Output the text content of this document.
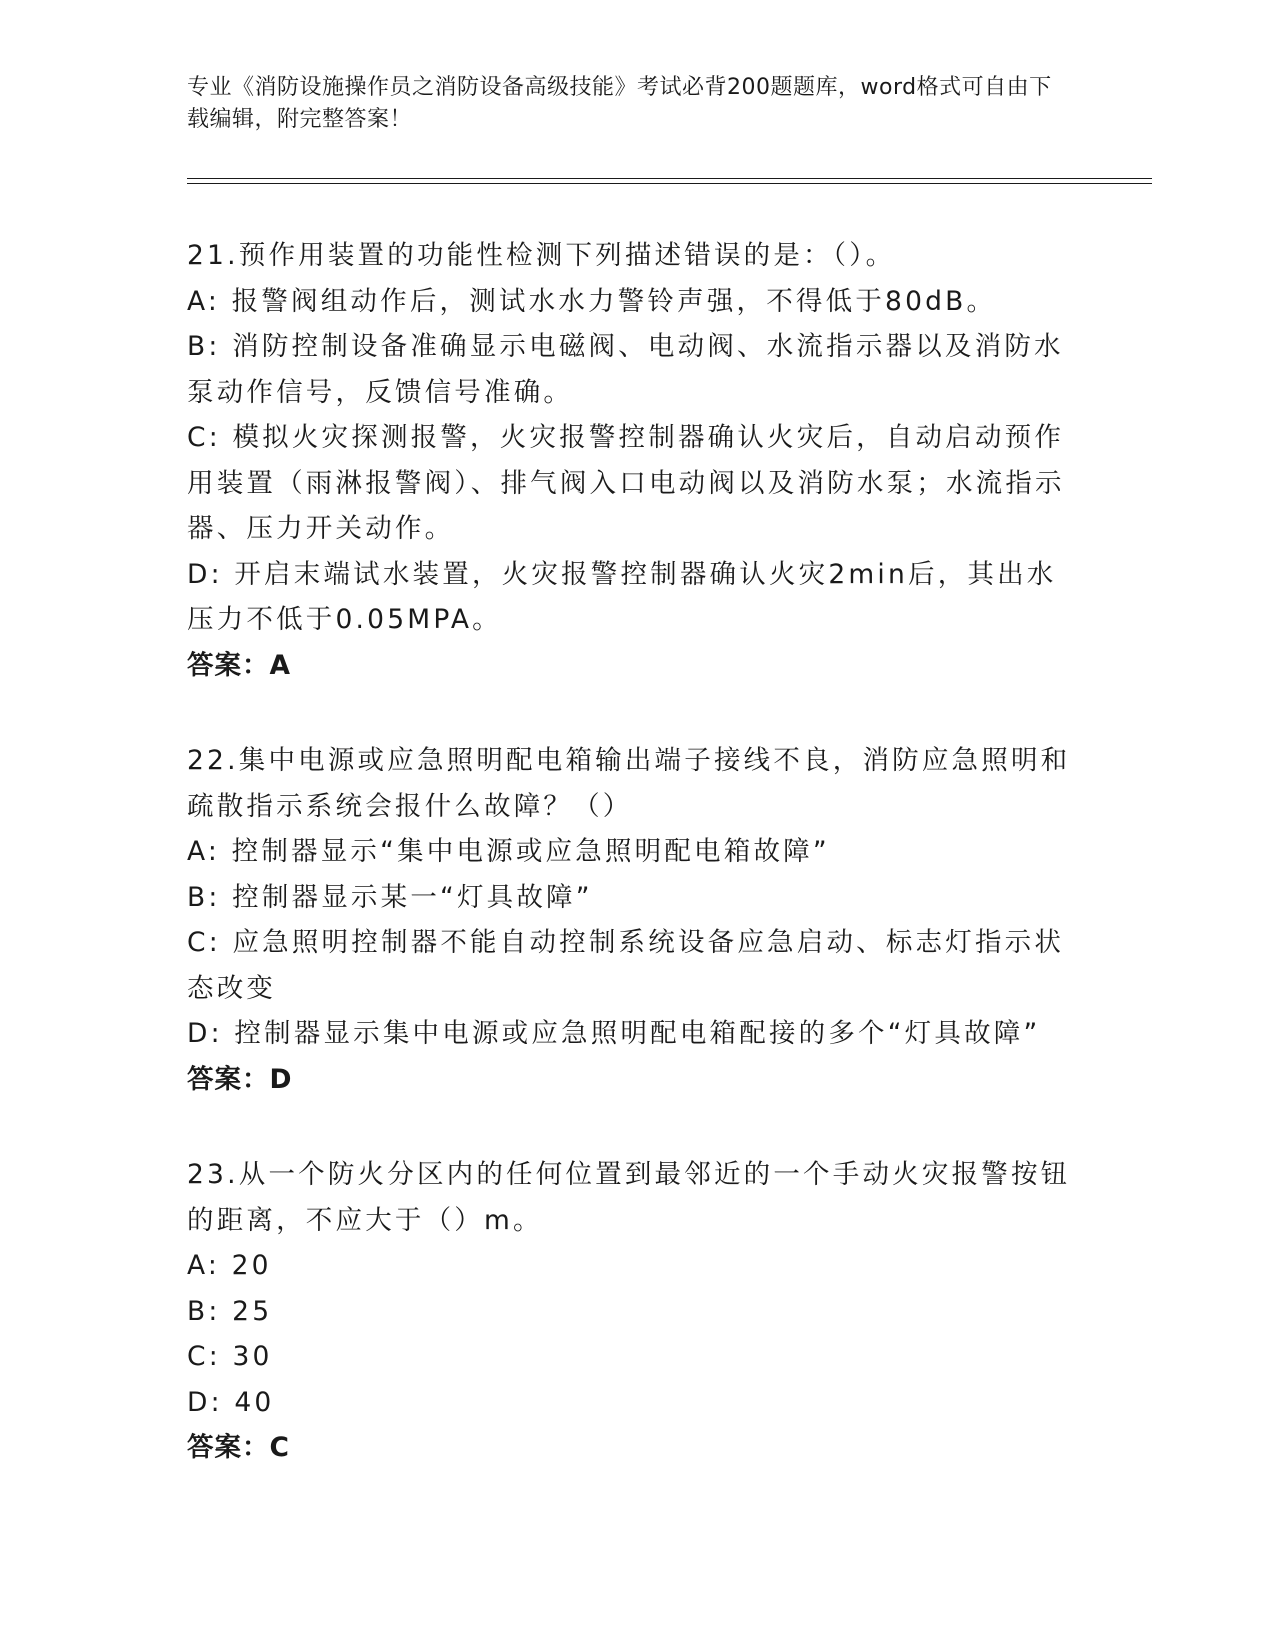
专业《消防设施操作员之消防设备高级技能》考试必背200题题库，word格式可自由下载编辑，附完整答案！
21.预作用装置的功能性检测下列描述错误的是：（）。
A: 报警阀组动作后，测试水水力警铃声强，不得低于80dB。
B: 消防控制设备准确显示电磁阀、电动阀、水流指示器以及消防水泵动作信号，反馈信号准确。
C: 模拟火灾探测报警，火灾报警控制器确认火灾后，自动启动预作用装置（雨淋报警阀）、排气阀入口电动阀以及消防水泵；水流指示器、压力开关动作。
D: 开启末端试水装置，火灾报警控制器确认火灾2min后，其出水压力不低于0.05MPA。
答案：A
22.集中电源或应急照明配电箱输出端子接线不良，消防应急照明和疏散指示系统会报什么故障？（）
A: 控制器显示“集中电源或应急照明配电箱故障”
B: 控制器显示某一“灯具故障”
C: 应急照明控制器不能自动控制系统设备应急启动、标志灯指示状态改变
D: 控制器显示集中电源或应急照明配电箱配接的多个“灯具故障”
答案：D
23.从一个防火分区内的任何位置到最邻近的一个手动火灾报警按钮的距离，不应大于（）m。
A: 20
B: 25
C: 30
D: 40
答案：C
